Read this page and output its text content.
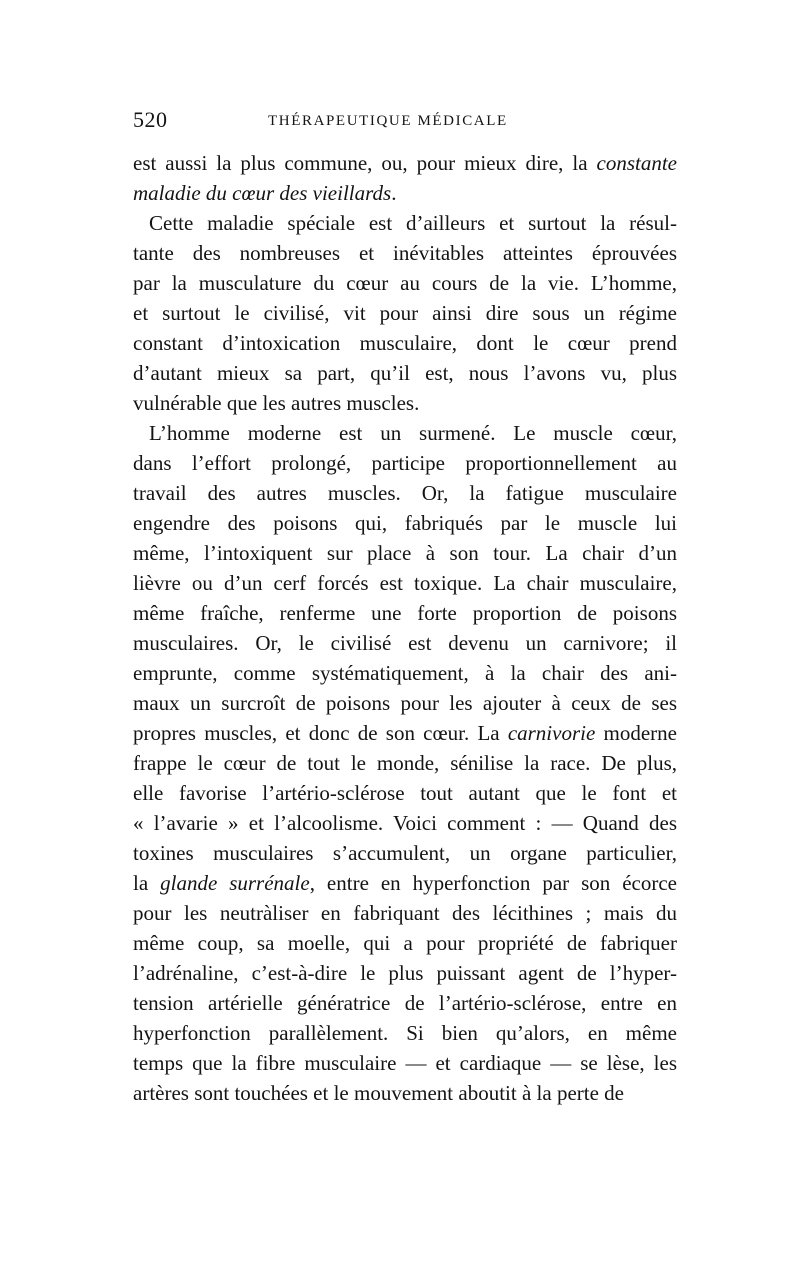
520	THÉRAPEUTIQUE MÉDICALE
est aussi la plus commune, ou, pour mieux dire, la constante
maladie du cœur des vieillards.
Cette maladie spéciale est d’ailleurs et surtout la résul-
tante des nombreuses et inévitables atteintes éprouvées
par la musculature du cœur au cours de la vie. L’homme,
et surtout le civilisé, vit pour ainsi dire sous un régime
constant d’intoxication musculaire, dont le cœur prend
d’autant mieux sa part, qu’il est, nous l’avons vu, plus
vulnérable que les autres muscles.
L’homme moderne est un surmené. Le muscle cœur,
dans l’effort prolongé, participe proportionnellement au
travail des autres muscles. Or, la fatigue musculaire
engendre des poisons qui, fabriqués par le muscle lui
même, l’intoxiquent sur place à son tour. La chair d’un
lièvre ou d’un cerf forcés est toxique. La chair musculaire,
même fraîche, renferme une forte proportion de poisons
musculaires. Or, le civilisé est devenu un carnivore; il
emprunte, comme systématiquement, à la chair des ani-
maux un surcroît de poisons pour les ajouter à ceux de ses
propres muscles, et donc de son cœur. La carnivorie moderne
frappe le cœur de tout le monde, sénilise la race. De plus,
elle favorise l’artério-sclérose tout autant que le font et
« l’avarie » et l’alcoolisme. Voici comment : — Quand des
toxines musculaires s’accumulent, un organe particulier,
la glande surrénale, entre en hyperfonction par son écorce
pour les neutràliser en fabriquant des lécithines ; mais du
même coup, sa moelle, qui a pour propriété de fabriquer
l’adrénaline, c’est-à-dire le plus puissant agent de l’hyper-
tension artérielle génératrice de l’artério-sclérose, entre en
hyperfonction parallèlement. Si bien qu’alors, en même
temps que la fibre musculaire — et cardiaque — se lèse, les
artères sont touchées et le mouvement aboutit à la perte de
